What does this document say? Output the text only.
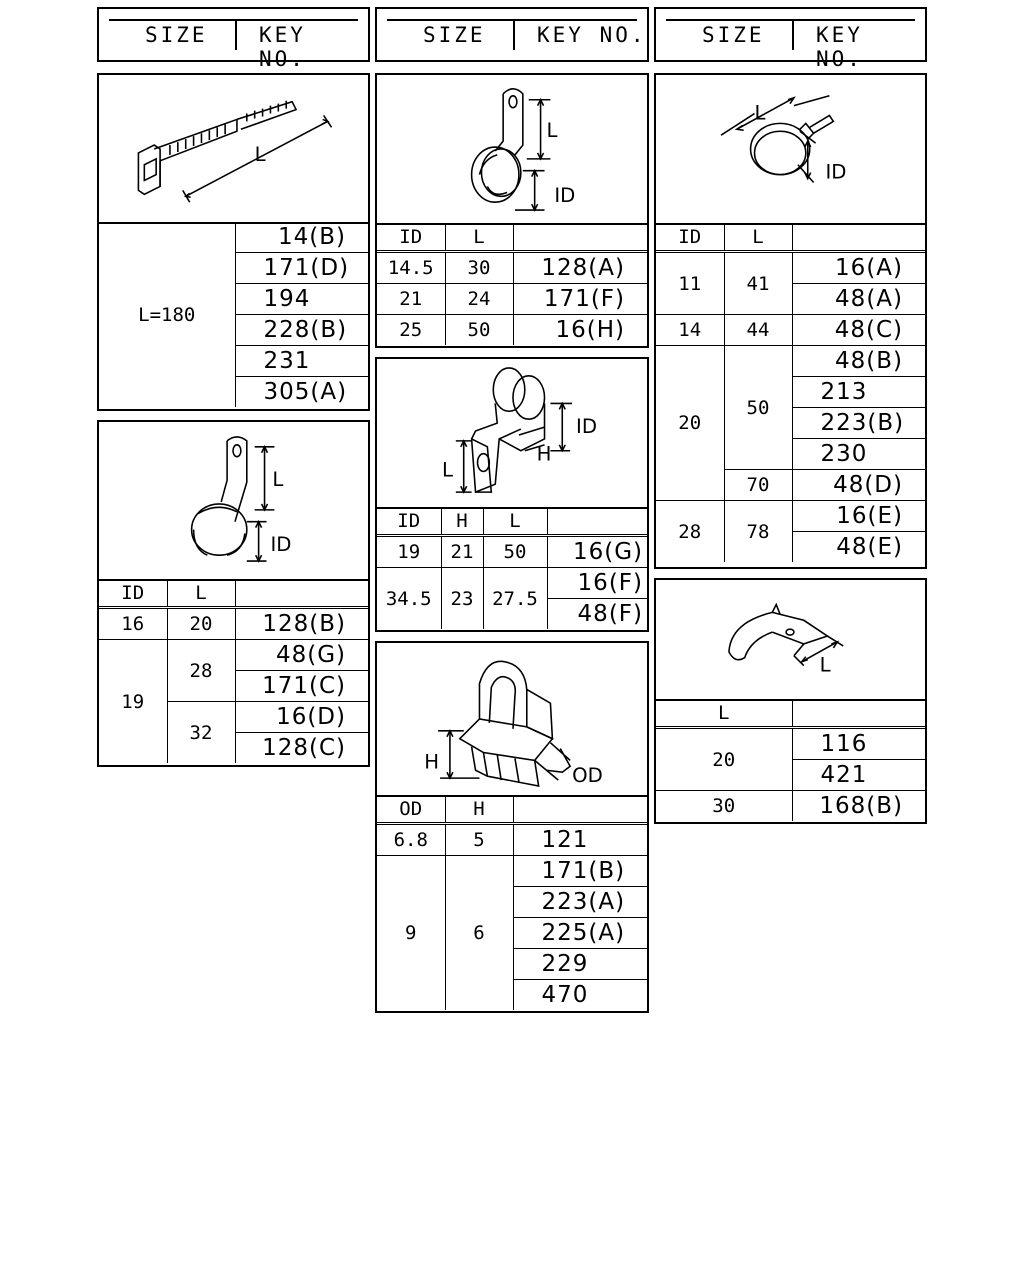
SIZE KEY NO.
SIZE KEY NO.	SIZE KEY NO.
L
L=180	14(B)
171(D)
194
228(B)
231
305(A)
L
ID
ID	L	
16	20	128(B)
19	28	48(G)
		171(C)
	32	16(D)
		128(C)
L
ID
ID	L	
14.5	30	128(A)
21	24	171(F)
25	50	16(H)
ID
H
L
ID	H	L	
19	21	50	16(G)
34.5	23	27.5	16(F)
			48(F)
H
OD
OD	H	
6.8	5	121
9	6	171(B)
		223(A)
		225(A)
		229
		470
L
ID
ID	L	
11	41	16(A)
		48(A)
14	44	48(C)
20	50	48(B)
		213
		223(B)
		230
	70	48(D)
28	78	16(E)
		48(E)
L
L	
20	116
	421
30	168(B)
